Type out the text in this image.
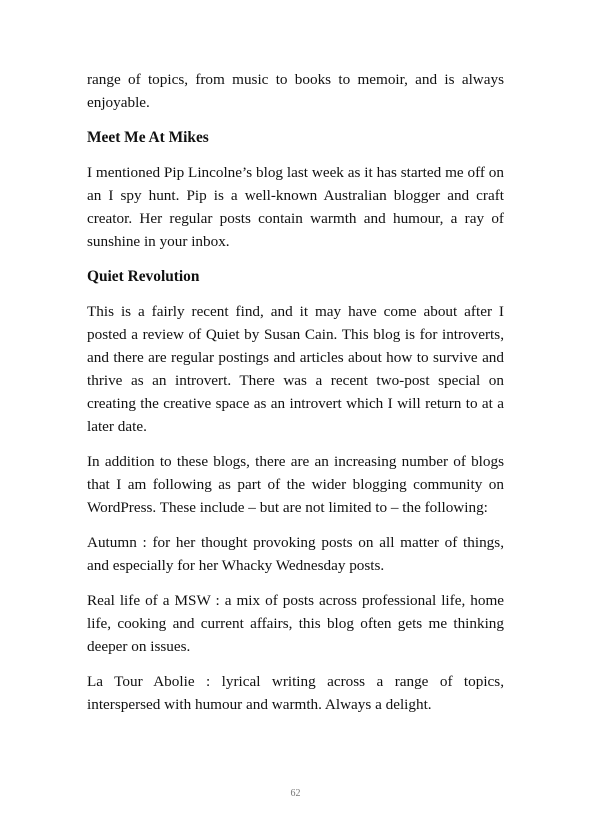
range of topics, from music to books to memoir, and is always enjoyable.

Meet Me At Mikes

I mentioned Pip Lincolne’s blog last week as it has started me off on an I spy hunt. Pip is a well-known Australian blogger and craft creator. Her regular posts contain warmth and humour, a ray of sunshine in your inbox.

Quiet Revolution

This is a fairly recent find, and it may have come about after I posted a review of Quiet by Susan Cain. This blog is for introverts, and there are regular postings and articles about how to survive and thrive as an introvert. There was a recent two-post special on creating the creative space as an introvert which I will return to at a later date.

In addition to these blogs, there are an increasing number of blogs that I am following as part of the wider blogging community on WordPress. These include – but are not limited to – the following:

Autumn : for her thought provoking posts on all matter of things, and especially for her Whacky Wednesday posts.

Real life of a MSW : a mix of posts across professional life, home life, cooking and current affairs, this blog often gets me thinking deeper on issues.

La Tour Abolie : lyrical writing across a range of topics, interspersed with humour and warmth. Always a delight.

62
